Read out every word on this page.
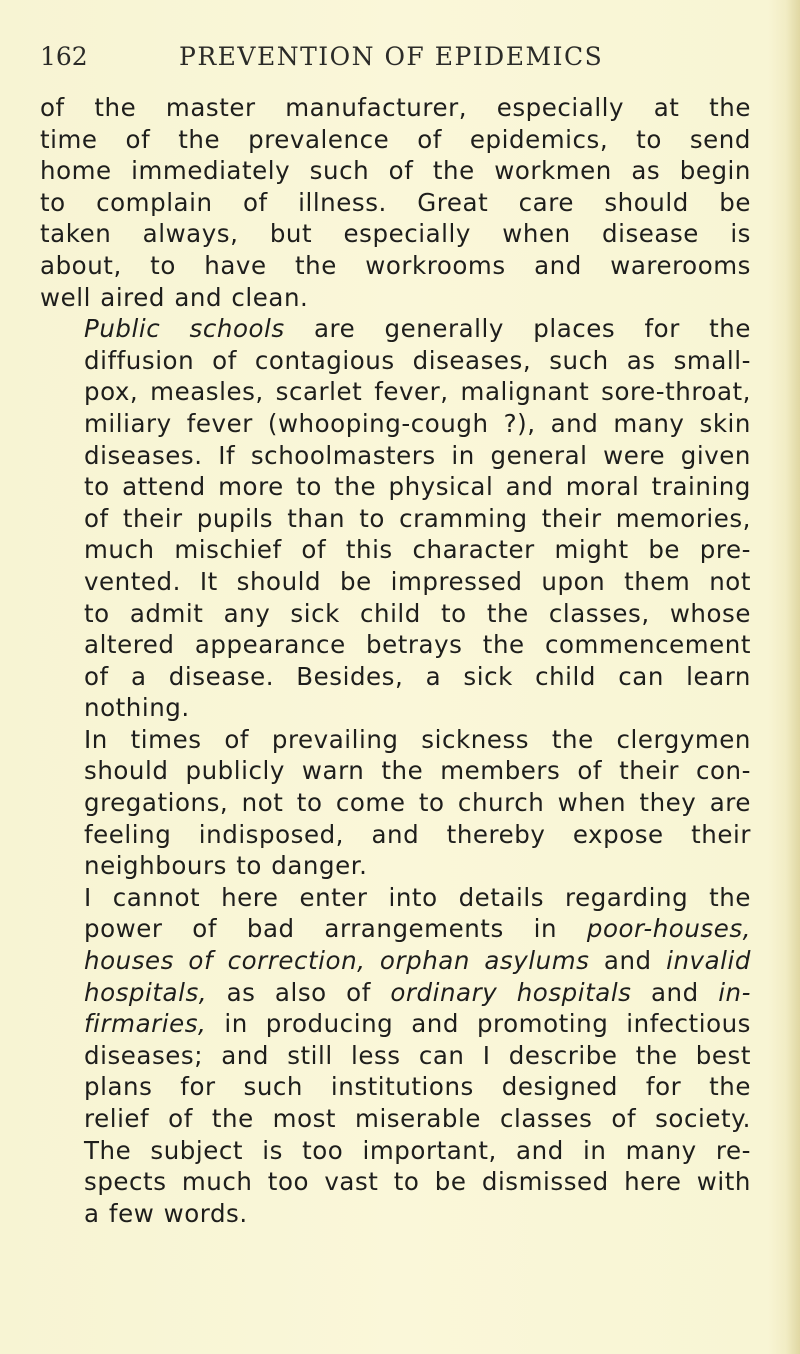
162	PREVENTION OF EPIDEMICS

of the master manufacturer, especially at the
time of the prevalence of epidemics, to send
home immediately such of the workmen as begin
to complain of illness. Great care should be
taken always, but especially when disease is
about, to have the workrooms and warerooms
well aired and clean.

Public schools are generally places for the
diffusion of contagious diseases, such as small-
pox, measles, scarlet fever, malignant sore-throat,
miliary fever (whooping-cough ?), and many skin
diseases. If schoolmasters in general were given
to attend more to the physical and moral training
of their pupils than to cramming their memories,
much mischief of this character might be pre-
vented. It should be impressed upon them not
to admit any sick child to the classes, whose
altered appearance betrays the commencement
of a disease. Besides, a sick child can learn
nothing.

In times of prevailing sickness the clergymen
should publicly warn the members of their con-
gregations, not to come to church when they are
feeling indisposed, and thereby expose their
neighbours to danger.

I cannot here enter into details regarding the
power of bad arrangements in poor-houses,
houses of correction, orphan asylums and invalid
hospitals, as also of ordinary hospitals and in-
firmaries, in producing and promoting infectious
diseases; and still less can I describe the best
plans for such institutions designed for the
relief of the most miserable classes of society.
The subject is too important, and in many re-
spects much too vast to be dismissed here with
a few words.
